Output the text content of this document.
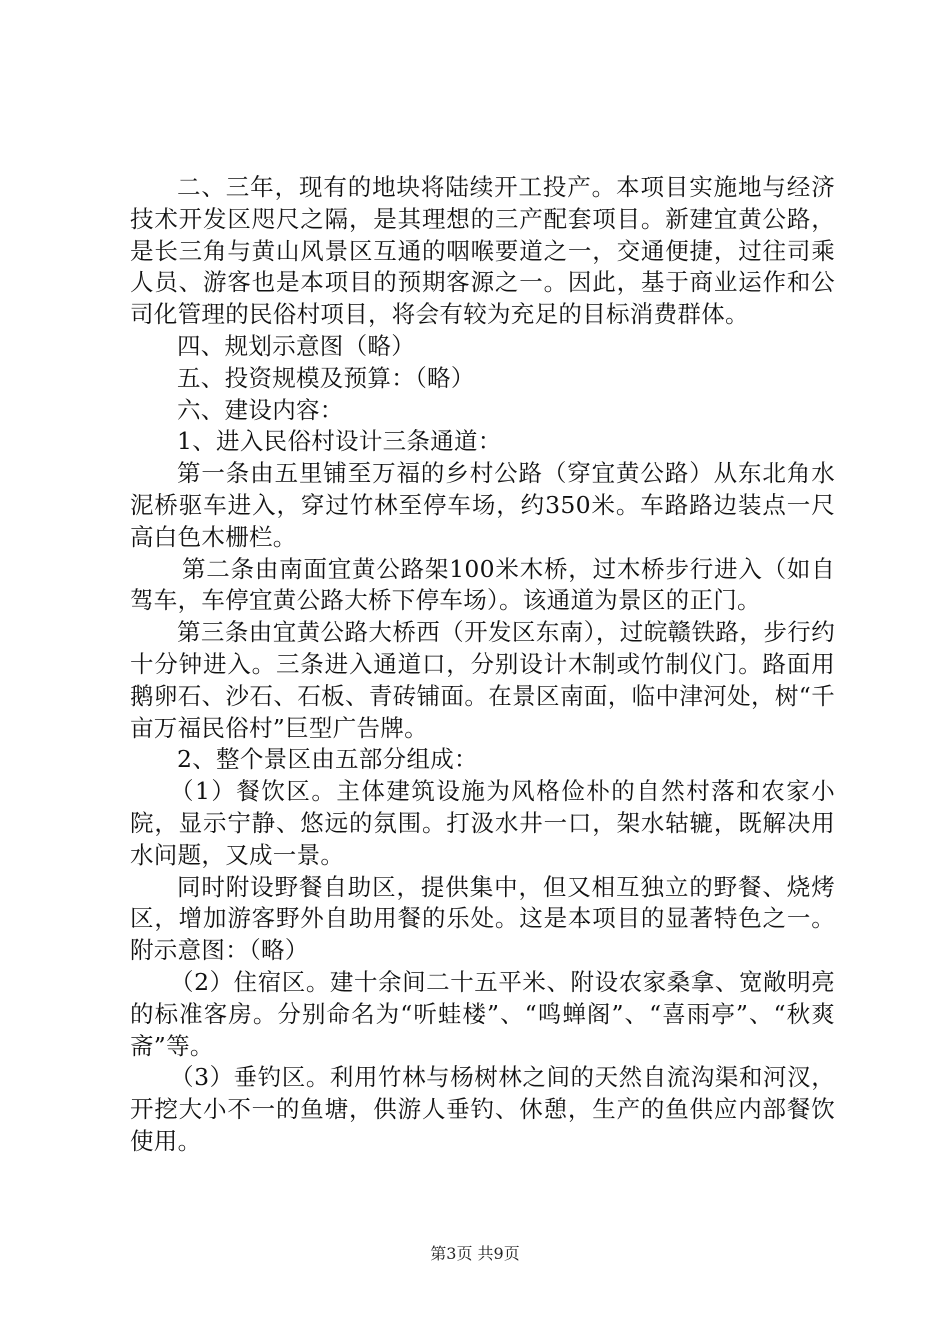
二、三年，现有的地块将陆续开工投产。本项目实施地与经济技术开发区咫尺之隔，是其理想的三产配套项目。新建宜黄公路，是长三角与黄山风景区互通的咽喉要道之一，交通便捷，过往司乘人员、游客也是本项目的预期客源之一。因此，基于商业运作和公司化管理的民俗村项目，将会有较为充足的目标消费群体。

四、规划示意图（略）

五、投资规模及预算：（略）

六、建设内容：

1、进入民俗村设计三条通道：

第一条由五里铺至万福的乡村公路（穿宜黄公路）从东北角水泥桥驱车进入，穿过竹林至停车场，约350米。车路路边装点一尺高白色木栅栏。

第二条由南面宜黄公路架100米木桥，过木桥步行进入（如自驾车，车停宜黄公路大桥下停车场）。该通道为景区的正门。

第三条由宜黄公路大桥西（开发区东南），过皖赣铁路，步行约十分钟进入。三条进入通道口，分别设计木制或竹制仪门。路面用鹅卵石、沙石、石板、青砖铺面。在景区南面，临中津河处，树“千亩万福民俗村”巨型广告牌。

2、整个景区由五部分组成：

（1）餐饮区。主体建筑设施为风格俭朴的自然村落和农家小院，显示宁静、悠远的氛围。打汲水井一口，架水轱辘，既解决用水问题，又成一景。

同时附设野餐自助区，提供集中，但又相互独立的野餐、烧烤区，增加游客野外自助用餐的乐处。这是本项目的显著特色之一。附示意图：（略）

（2）住宿区。建十余间二十五平米、附设农家桑拿、宽敞明亮的标准客房。分别命名为“听蛙楼”、“鸣蝉阁”、“喜雨亭”、“秋爽斋”等。

（3）垂钓区。利用竹林与杨树林之间的天然自流沟渠和河汊，开挖大小不一的鱼塘，供游人垂钓、休憩，生产的鱼供应内部餐饮使用。

第3页 共9页
